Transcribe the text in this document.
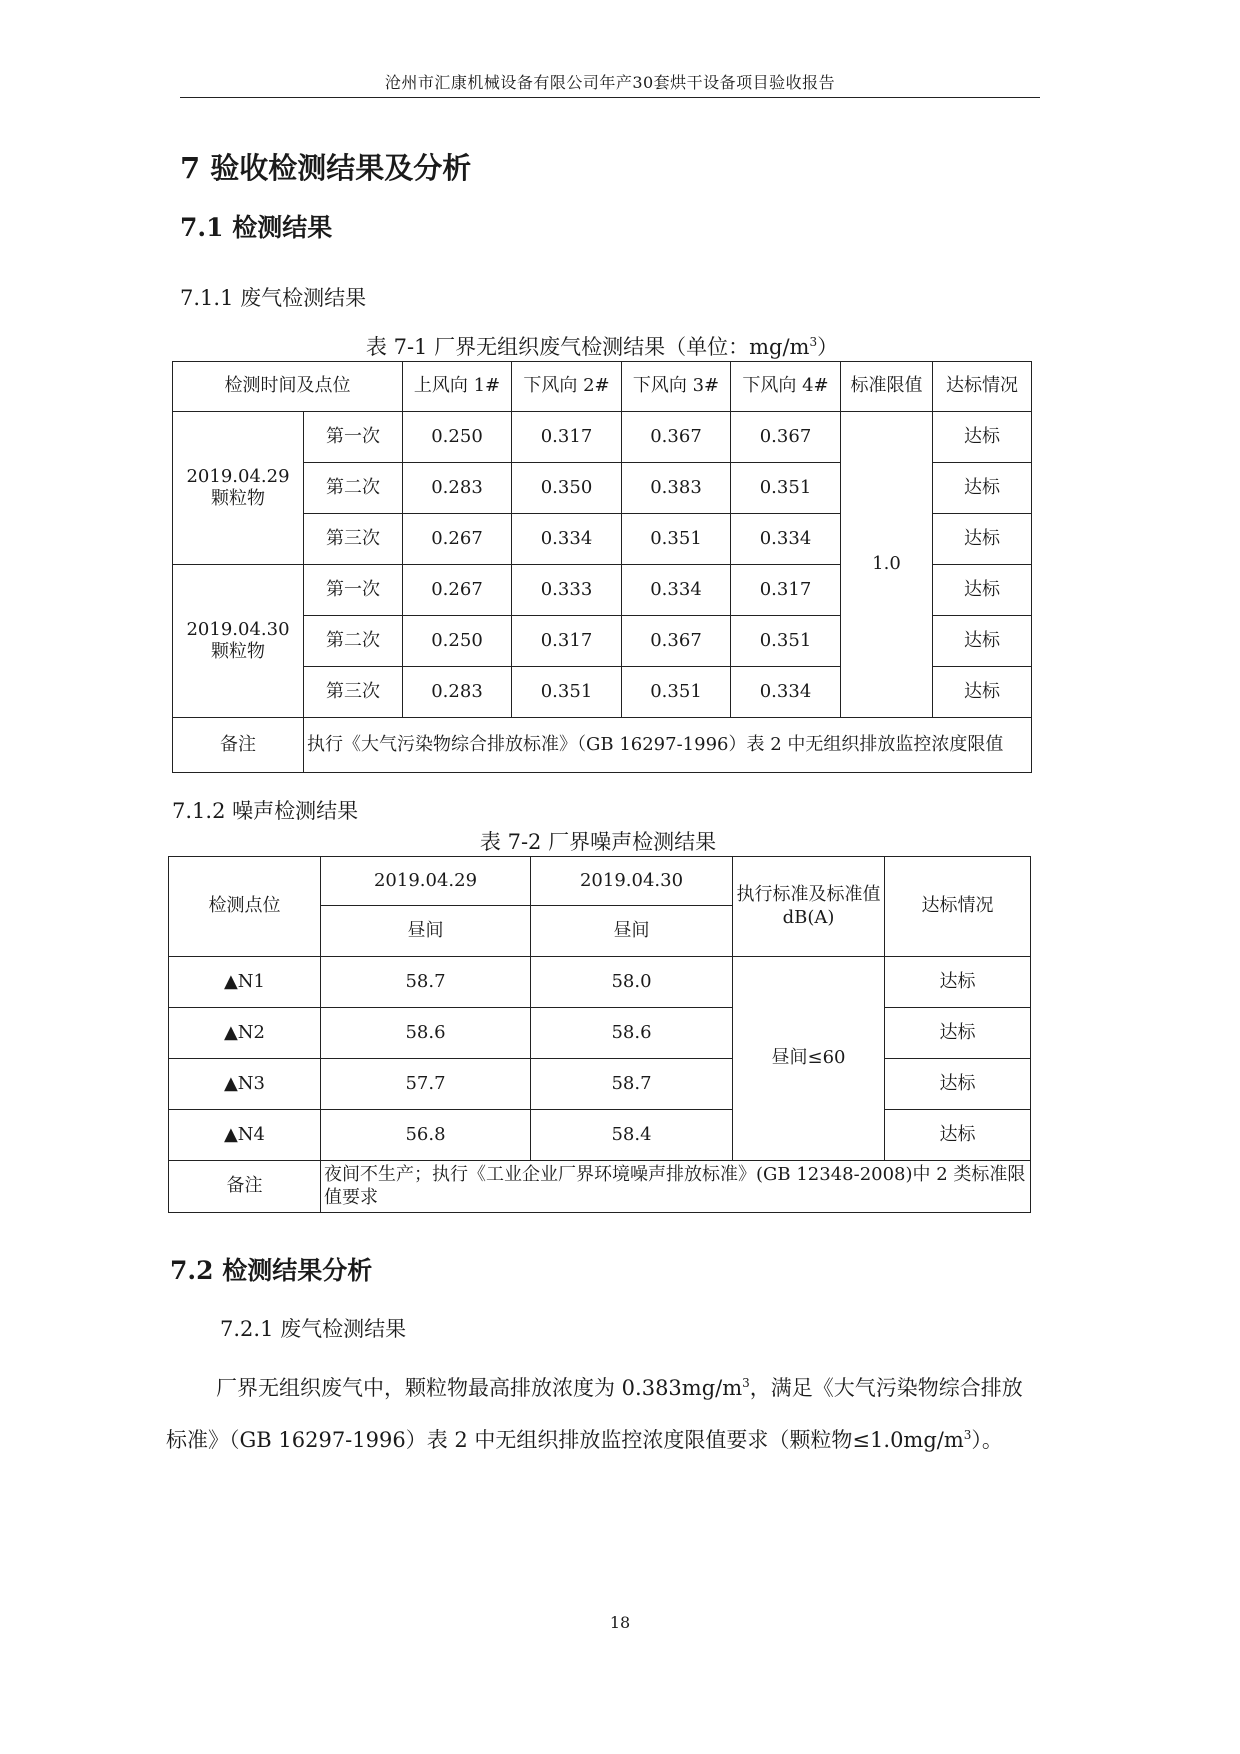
沧州市汇康机械设备有限公司年产30套烘干设备项目验收报告
7 验收检测结果及分析
7.1 检测结果
7.1.1 废气检测结果
表 7-1 厂界无组织废气检测结果（单位：$mg/m^3$）
检测时间及点位		上风向 1#	下风向 2#	下风向 3#	下风向 4#	标准限值	达标情况
2019.04.29
颗粒物	第一次	0.250	0.317	0.367	0.367	1.0	达标
	第二次	0.283	0.350	0.383	0.351		达标
	第三次	0.267	0.334	0.351	0.334		达标
2019.04.30
颗粒物	第一次	0.267	0.333	0.334	0.317		达标
	第二次	0.250	0.317	0.367	0.351		达标
	第三次	0.283	0.351	0.351	0.334		达标
备注	执行《大气污染物综合排放标准》（GB 16297-1996）表 2 中无组织排放监控浓度限值						
7.1.2 噪声检测结果
表 7-2 厂界噪声检测结果
检测点位	2019.04.29	2019.04.30	执行标准及标准值dB(A)	达标情况
	昼间	昼间		
▲N1	58.7	58.0	昼间≤60	达标
▲N2	58.6	58.6		达标
▲N3	57.7	58.7		达标
▲N4	56.8	58.4		达标
备注	夜间不生产；执行《工业企业厂界环境噪声排放标准》(GB 12348-2008)中 2 类标准限值要求			
7.2 检测结果分析
7.2.1 废气检测结果
厂界无组织废气中，颗粒物最高排放浓度为 $0.383mg/m^3$，满足《大气污染物综合排放标准》（GB 16297-1996）表 2 中无组织排放监控浓度限值要求（颗粒物$\le 1.0mg/m^3$）。
18
